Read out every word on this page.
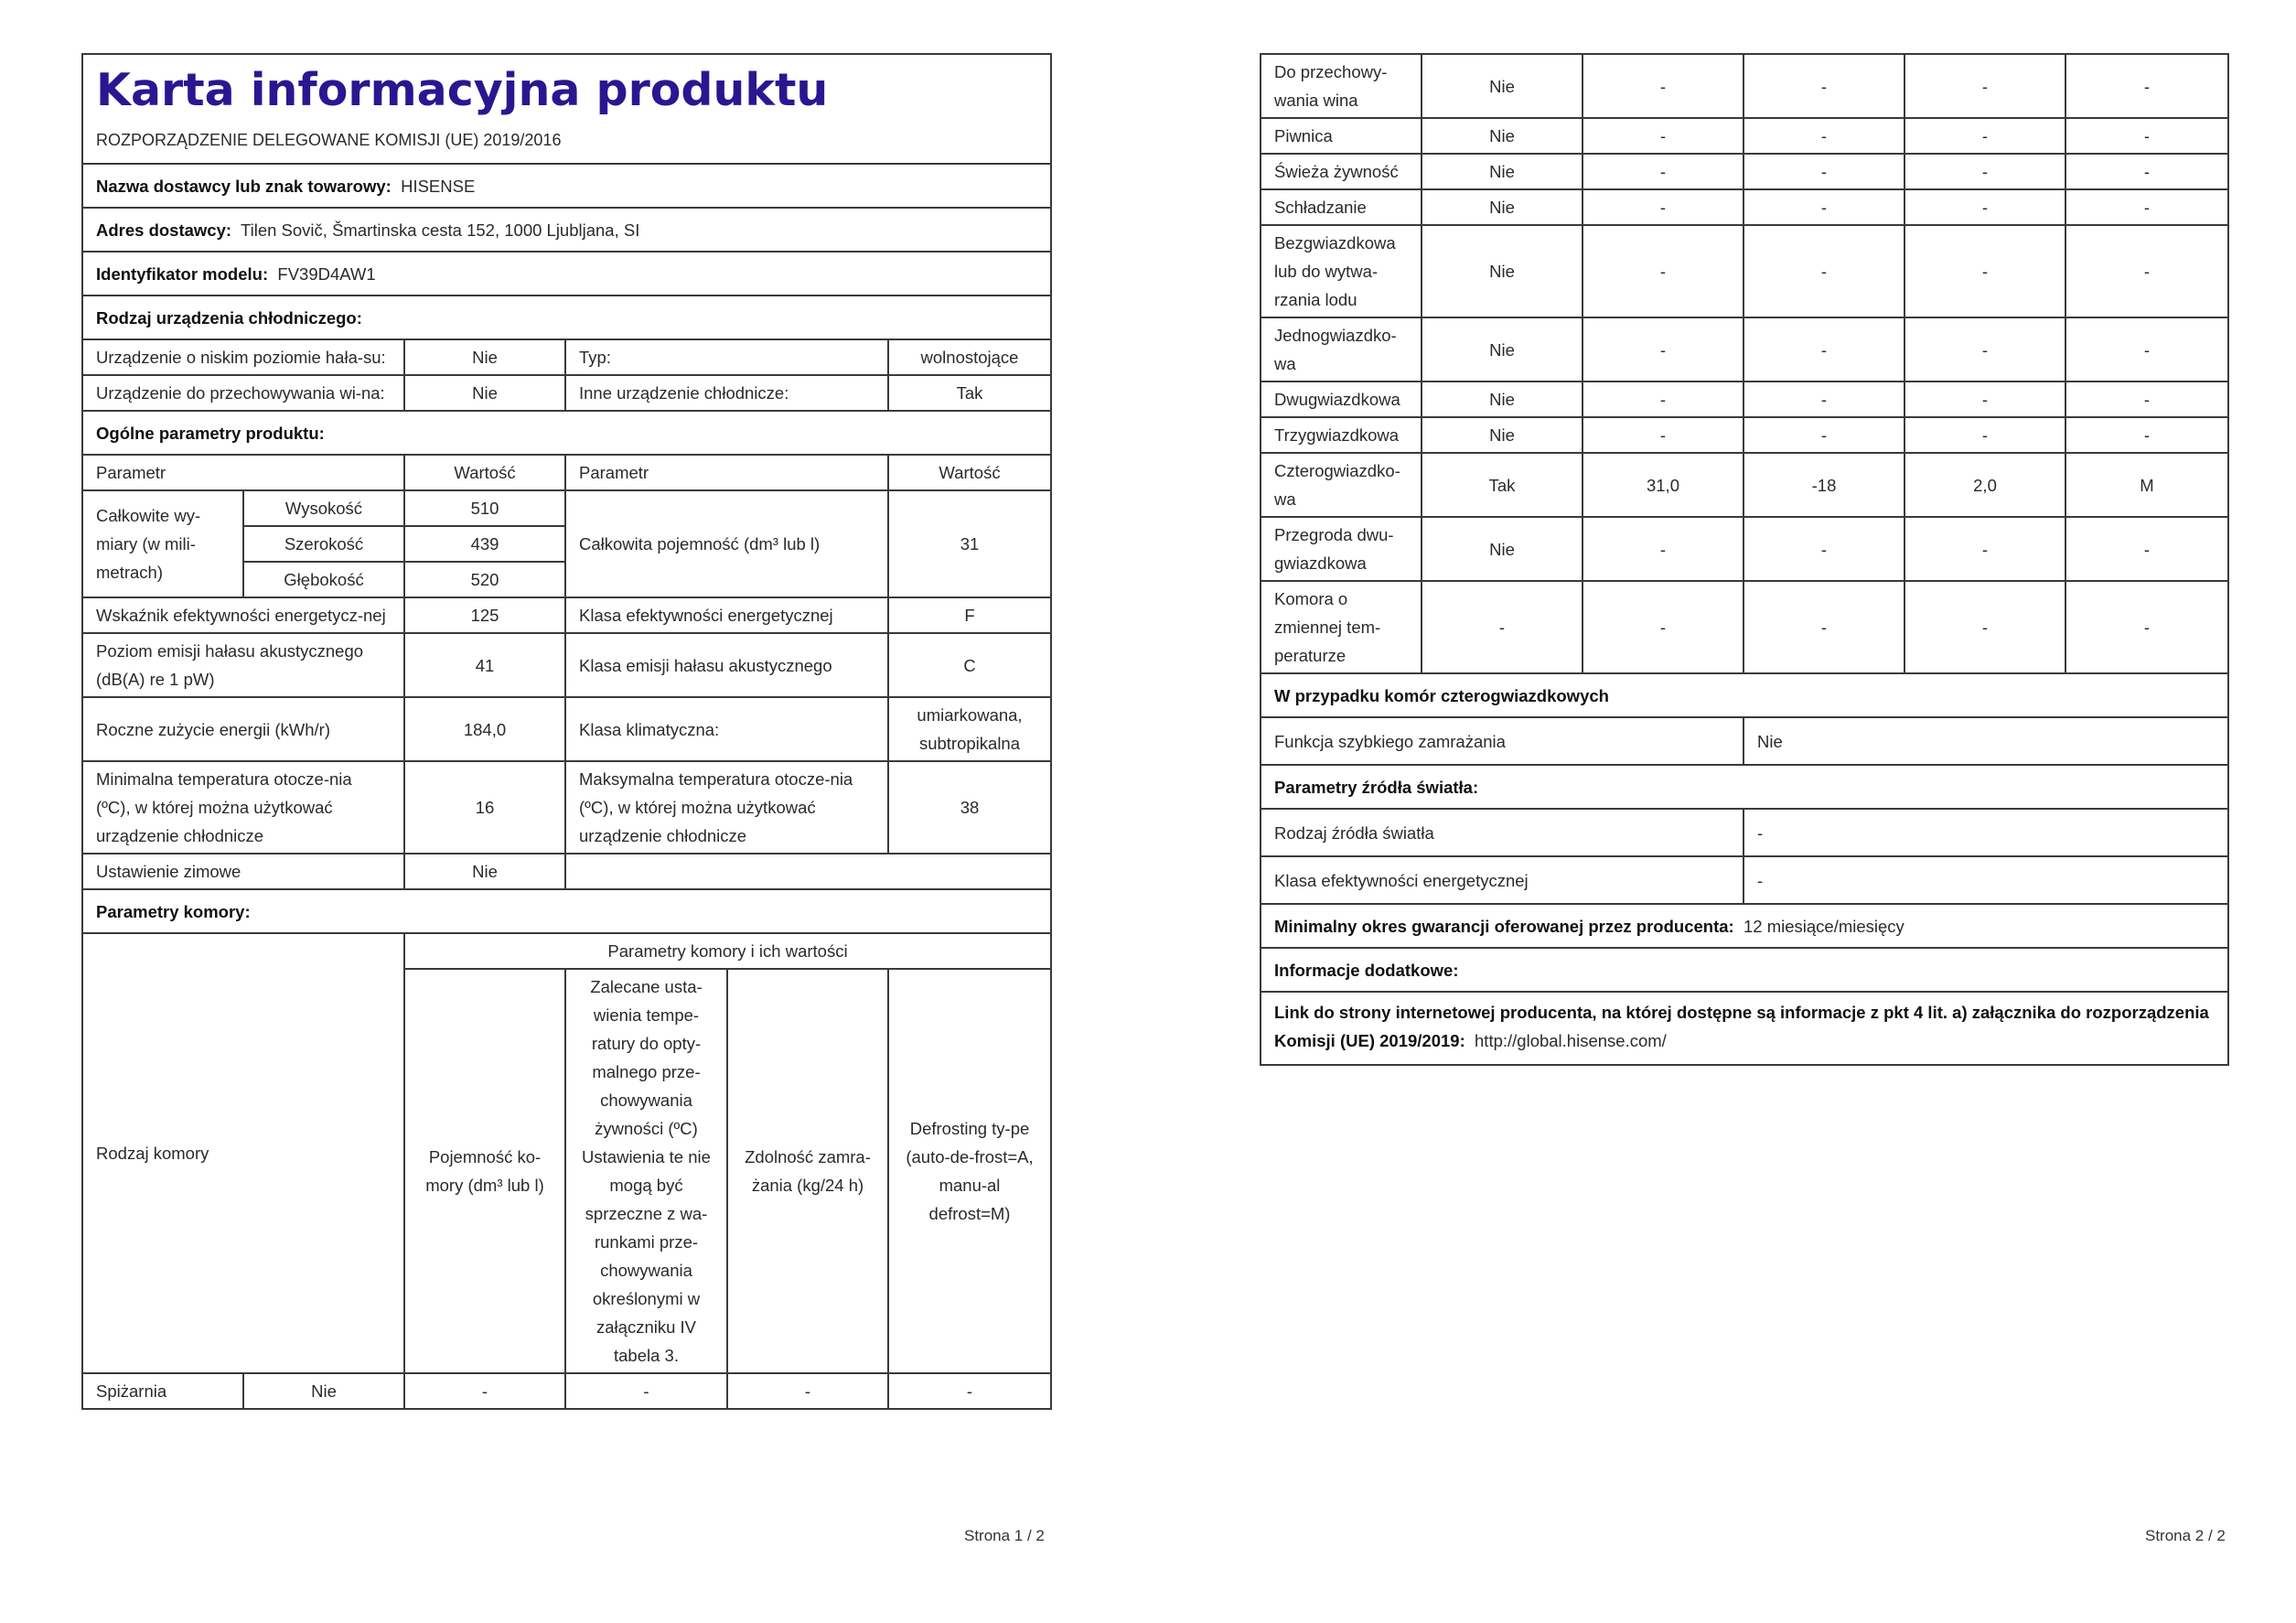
Karta informacyjna produktu
ROZPORZĄDZENIE DELEGOWANE KOMISJI (UE) 2019/2016					

Nazwa dostawcy lub znak towarowy: HISENSE					
Adres dostawcy: Tilen Sovič, Šmartinska cesta 152, 1000 Ljubljana, SI					
Identyfikator modelu: FV39D4AW1					
Rodzaj urządzenia chłodniczego:					
Urządzenie o niskim poziomie hała-su:		Nie	Typ:		wolnostojące
Urządzenie do przechowywania wi-na:		Nie	Inne urządzenie chłodnicze:		Tak
Ogólne parametry produktu:					
Parametr		Wartość	Parametr		Wartość
Całkowite wy-miary (w mili-metrach)	Wysokość	510	Całkowita pojemność (dm³ lub l)		31
	Szerokość	439			
	Głębokość	520			
Wskaźnik efektywności energetycz-nej		125	Klasa efektywności energetycznej		F
Poziom emisji hałasu akustycznego (dB(A) re 1 pW)		41	Klasa emisji hałasu akustycznego		C
Roczne zużycie energii (kWh/r)		184,0	Klasa klimatyczna:		umiarkowana, subtropikalna
Minimalna temperatura otocze-nia (ºC), w której można użytkować urządzenie chłodnicze		16	Maksymalna temperatura otocze-nia (ºC), w której można użytkować urządzenie chłodnicze		38
Ustawienie zimowe		Nie			
Parametry komory:					
Rodzaj komory		Parametry komory i ich wartości			
		Pojemność ko-mory (dm³ lub l)	Zalecane usta-wienia tempe-ratury do opty-malnego prze-chowywania żywności (ºC) Ustawienia te nie mogą być sprzeczne z wa-runkami prze-chowywania określonymi w załączniku IV tabela 3.	Zdolność zamra-żania (kg/24 h)	Defrosting ty-pe (auto-de-frost=A, manu-al defrost=M)
Spiżarnia	Nie	-	-	-	-
Strona 1 / 2
Do przechowy-wania wina	Nie	-	-	-	-
Piwnica	Nie	-	-	-	-
Świeża żywność	Nie	-	-	-	-
Schładzanie	Nie	-	-	-	-
Bezgwiazdkowa lub do wytwa-rzania lodu	Nie	-	-	-	-
Jednogwiazdko-wa	Nie	-	-	-	-
Dwugwiazdkowa	Nie	-	-	-	-
Trzygwiazdkowa	Nie	-	-	-	-
Czterogwiazdko-wa	Tak	31,0	-18	2,0	M
Przegroda dwu-gwiazdkowa	Nie	-	-	-	-
Komora o zmiennej tem-peraturze	-	-	-	-	-
W przypadku komór czterogwiazdkowych					
Funkcja szybkiego zamrażania			Nie		
Parametry źródła światła:					
Rodzaj źródła światła			-		
Klasa efektywności energetycznej			-		
Minimalny okres gwarancji oferowanej przez producenta: 12 miesiące/miesięcy					
Informacje dodatkowe:					
Link do strony internetowej producenta, na której dostępne są informacje z pkt 4 lit. a) załącznika do rozporządzenia Komisji (UE) 2019/2019: http://global.hisense.com/					
Strona 2 / 2
